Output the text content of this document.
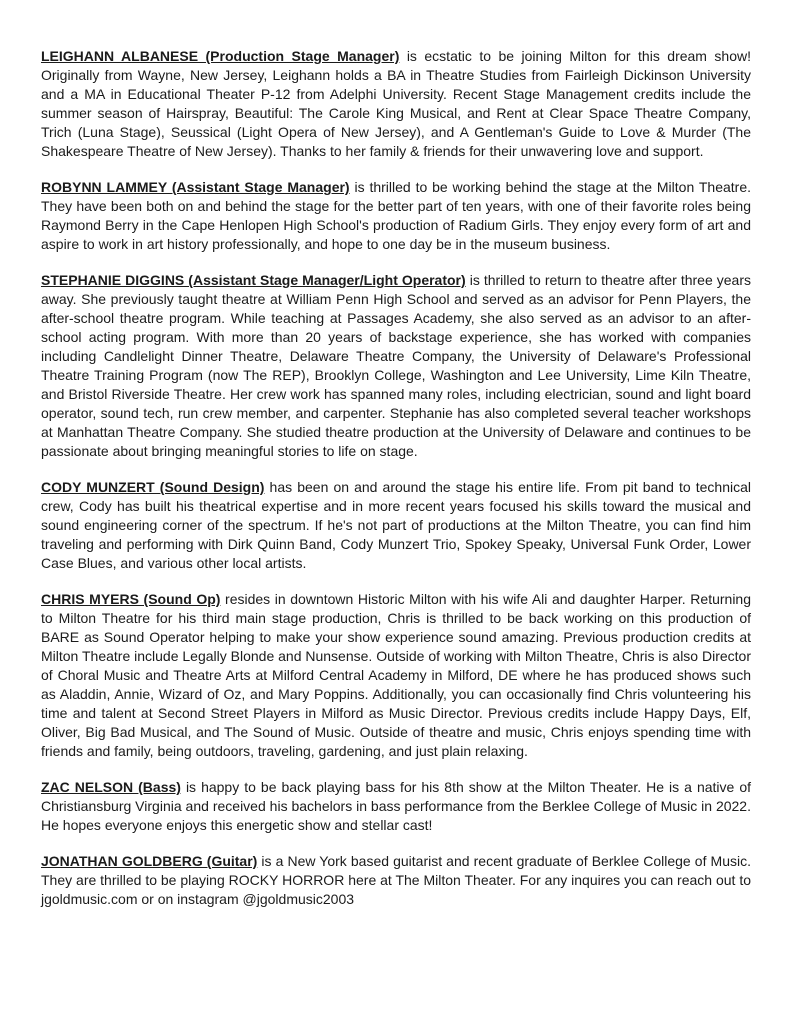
LEIGHANN ALBANESE (Production Stage Manager) is ecstatic to be joining Milton for this dream show! Originally from Wayne, New Jersey, Leighann holds a BA in Theatre Studies from Fairleigh Dickinson University and a MA in Educational Theater P-12 from Adelphi University. Recent Stage Management credits include the summer season of Hairspray, Beautiful: The Carole King Musical, and Rent at Clear Space Theatre Company, Trich (Luna Stage), Seussical (Light Opera of New Jersey), and A Gentleman's Guide to Love & Murder (The Shakespeare Theatre of New Jersey). Thanks to her family & friends for their unwavering love and support.

ROBYNN LAMMEY (Assistant Stage Manager) is thrilled to be working behind the stage at the Milton Theatre. They have been both on and behind the stage for the better part of ten years, with one of their favorite roles being Raymond Berry in the Cape Henlopen High School's production of Radium Girls. They enjoy every form of art and aspire to work in art history professionally, and hope to one day be in the museum business.

STEPHANIE DIGGINS (Assistant Stage Manager/Light Operator) is thrilled to return to theatre after three years away. She previously taught theatre at William Penn High School and served as an advisor for Penn Players, the after-school theatre program. While teaching at Passages Academy, she also served as an advisor to an after-school acting program. With more than 20 years of backstage experience, she has worked with companies including Candlelight Dinner Theatre, Delaware Theatre Company, the University of Delaware's Professional Theatre Training Program (now The REP), Brooklyn College, Washington and Lee University, Lime Kiln Theatre, and Bristol Riverside Theatre. Her crew work has spanned many roles, including electrician, sound and light board operator, sound tech, run crew member, and carpenter. Stephanie has also completed several teacher workshops at Manhattan Theatre Company. She studied theatre production at the University of Delaware and continues to be passionate about bringing meaningful stories to life on stage.

CODY MUNZERT (Sound Design) has been on and around the stage his entire life. From pit band to technical crew, Cody has built his theatrical expertise and in more recent years focused his skills toward the musical and sound engineering corner of the spectrum. If he's not part of productions at the Milton Theatre, you can find him traveling and performing with Dirk Quinn Band, Cody Munzert Trio, Spokey Speaky, Universal Funk Order, Lower Case Blues, and various other local artists.

CHRIS MYERS (Sound Op) resides in downtown Historic Milton with his wife Ali and daughter Harper. Returning to Milton Theatre for his third main stage production, Chris is thrilled to be back working on this production of BARE as Sound Operator helping to make your show experience sound amazing. Previous production credits at Milton Theatre include Legally Blonde and Nunsense. Outside of working with Milton Theatre, Chris is also Director of Choral Music and Theatre Arts at Milford Central Academy in Milford, DE where he has produced shows such as Aladdin, Annie, Wizard of Oz, and Mary Poppins. Additionally, you can occasionally find Chris volunteering his time and talent at Second Street Players in Milford as Music Director. Previous credits include Happy Days, Elf, Oliver, Big Bad Musical, and The Sound of Music. Outside of theatre and music, Chris enjoys spending time with friends and family, being outdoors, traveling, gardening, and just plain relaxing.

ZAC NELSON (Bass) is happy to be back playing bass for his 8th show at the Milton Theater. He is a native of Christiansburg Virginia and received his bachelors in bass performance from the Berklee College of Music in 2022. He hopes everyone enjoys this energetic show and stellar cast!

JONATHAN GOLDBERG (Guitar) is a New York based guitarist and recent graduate of Berklee College of Music. They are thrilled to be playing ROCKY HORROR here at The Milton Theater. For any inquires you can reach out to jgoldmusic.com or on instagram @jgoldmusic2003
